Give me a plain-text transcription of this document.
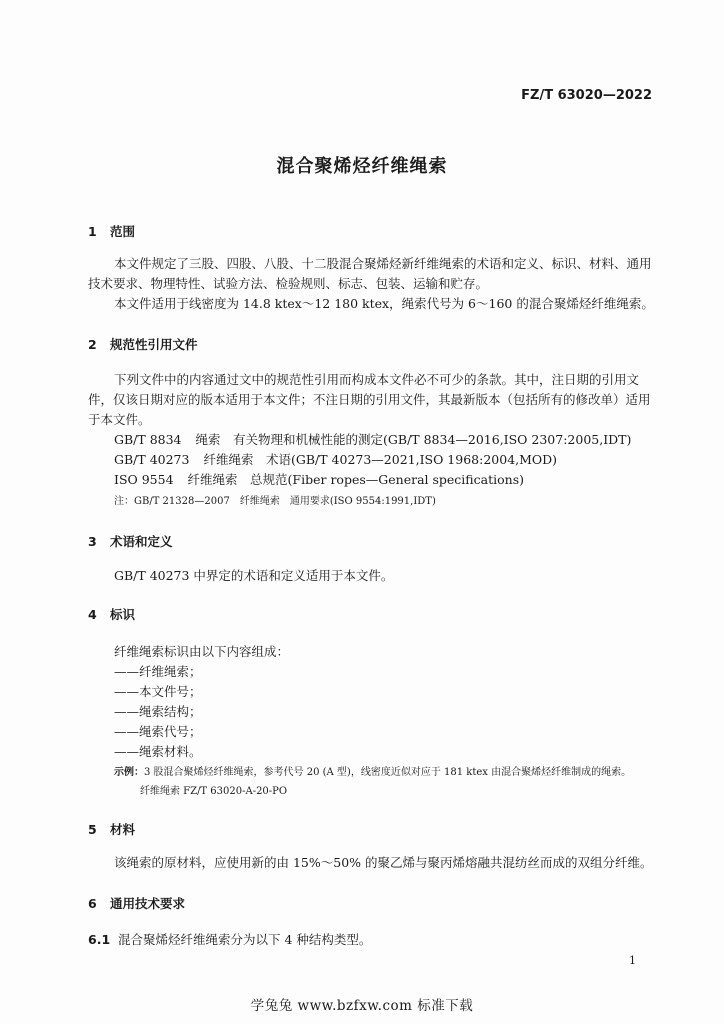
FZ/T 63020—2022
混合聚烯烃纤维绳索
1 范围
本文件规定了三股、四股、八股、十二股混合聚烯烃新纤维绳索的术语和定义、标识、材料、通用技术要求、物理特性、试验方法、检验规则、标志、包装、运输和贮存。
本文件适用于线密度为 14.8 ktex～12 180 ktex，绳索代号为 6～160 的混合聚烯烃纤维绳索。
2 规范性引用文件
下列文件中的内容通过文中的规范性引用而构成本文件必不可少的条款。其中，注日期的引用文件，仅该日期对应的版本适用于本文件；不注日期的引用文件，其最新版本（包括所有的修改单）适用于本文件。
GB/T 8834 绳索　有关物理和机械性能的测定(GB/T 8834—2016,ISO 2307:2005,IDT)
GB/T 40273 纤维绳索　术语(GB/T 40273—2021,ISO 1968:2004,MOD)
ISO 9554 纤维绳索　总规范(Fiber ropes—General specifications)
注：GB/T 21328—2007　纤维绳索　通用要求(ISO 9554:1991,IDT)
3 术语和定义
GB/T 40273 中界定的术语和定义适用于本文件。
4 标识
纤维绳索标识由以下内容组成：
——纤维绳索；
——本文件号；
——绳索结构；
——绳索代号；
——绳索材料。
示例：3 股混合聚烯烃纤维绳索，参考代号 20 (A 型)，线密度近似对应于 181 ktex 由混合聚烯烃纤维制成的绳索。
纤维绳索 FZ/T 63020-A-20-PO
5 材料
该绳索的原材料，应使用新的由 15%～50% 的聚乙烯与聚丙烯熔融共混纺丝而成的双组分纤维。
6 通用技术要求
6.1 混合聚烯烃纤维绳索分为以下 4 种结构类型。
1
学兔兔 www.bzfxw.com 标准下载
